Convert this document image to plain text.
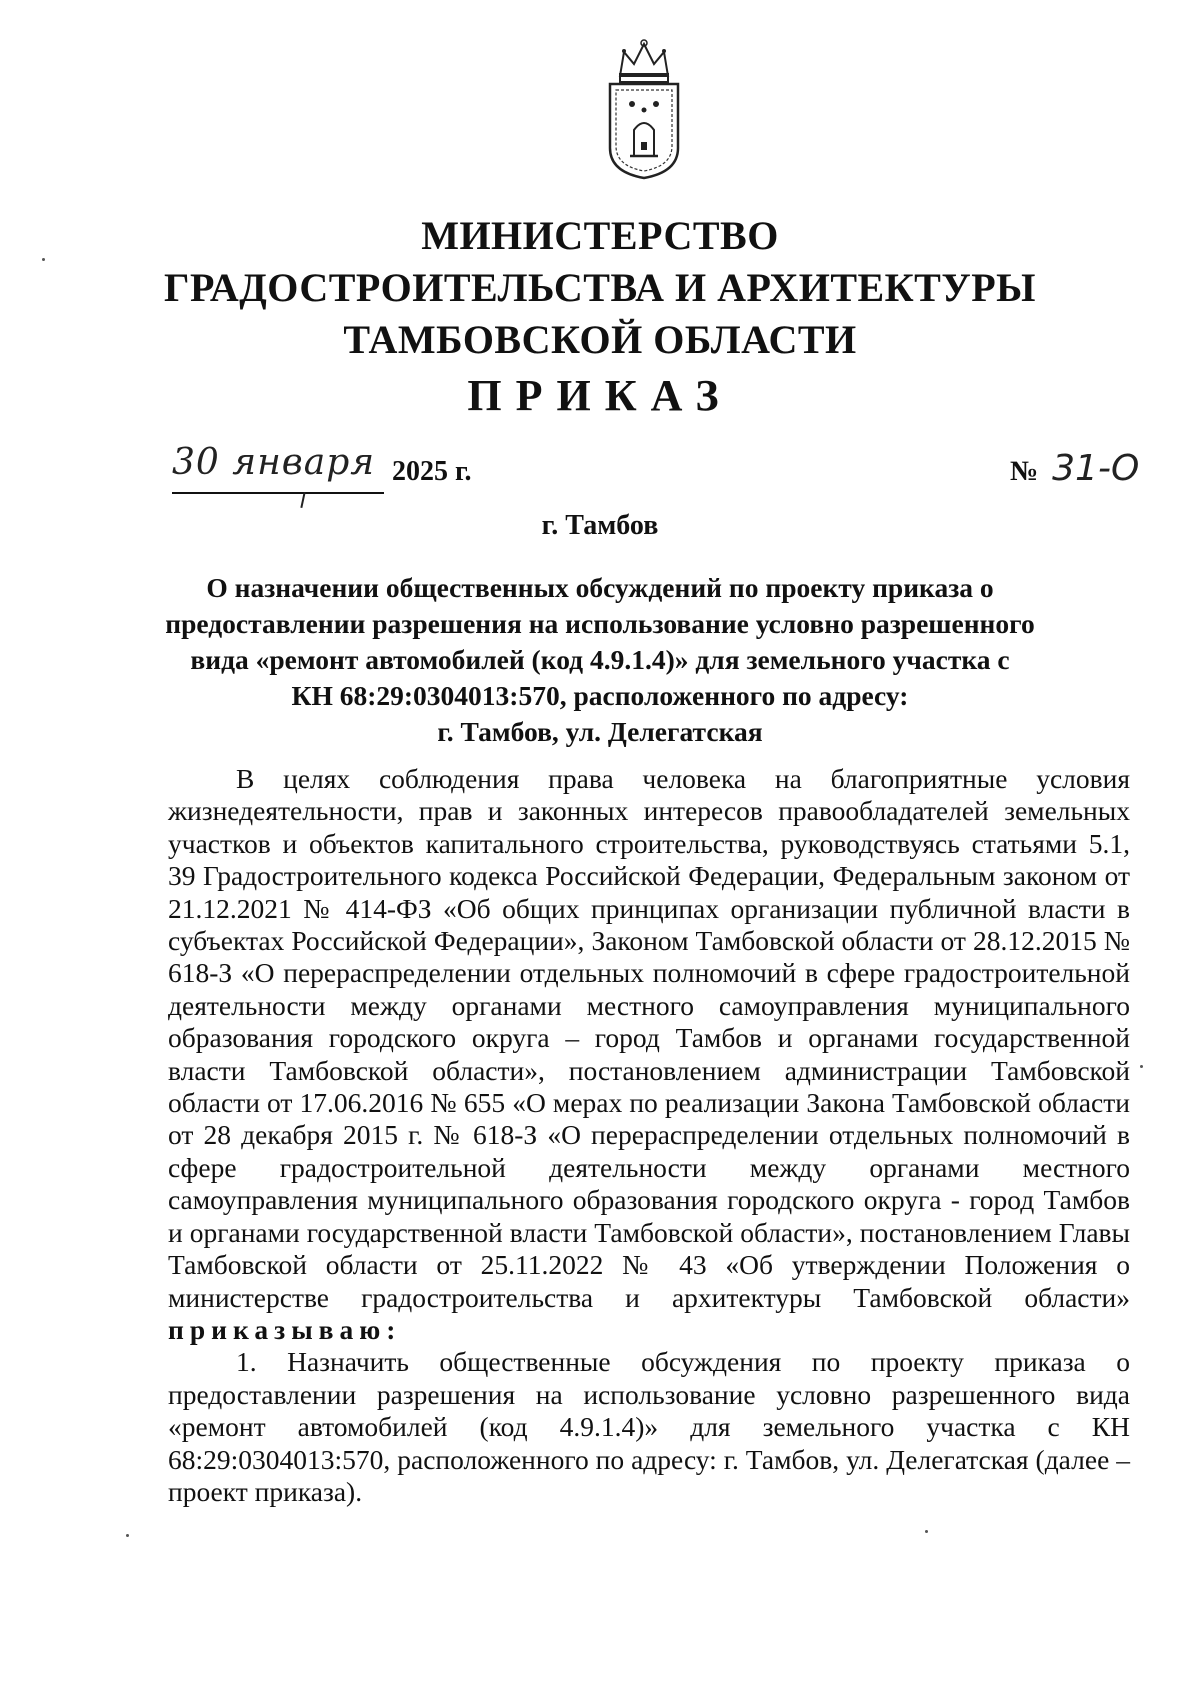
МИНИСТЕРСТВО
ГРАДОСТРОИТЕЛЬСТВА И АРХИТЕКТУРЫ
ТАМБОВСКОЙ ОБЛАСТИ
ПРИКАЗ
30 января 2025 г.	№ 31-О
г. Тамбов
О назначении общественных обсуждений по проекту приказа о
предоставлении разрешения на использование условно разрешенного
вида «ремонт автомобилей (код 4.9.1.4)» для земельного участка с
КН 68:29:0304013:570, расположенного по адресу:
г. Тамбов, ул. Делегатская

В целях соблюдения права человека на благоприятные условия жизнедеятельности, прав и законных интересов правообладателей земельных участков и объектов капитального строительства, руководствуясь статьями 5.1, 39 Градостроительного кодекса Российской Федерации, Федеральным законом от 21.12.2021 № 414-ФЗ «Об общих принципах организации публичной власти в субъектах Российской Федерации», Законом Тамбовской области от 28.12.2015 № 618-З «О перераспределении отдельных полномочий в сфере градостроительной деятельности между органами местного самоуправления муниципального образования городского округа – город Тамбов и органами государственной власти Тамбовской области», постановлением администрации Тамбовской области от 17.06.2016 № 655 «О мерах по реализации Закона Тамбовской области от 28 декабря 2015 г. № 618-З «О перераспределении отдельных полномочий в сфере градостроительной деятельности между органами местного самоуправления муниципального образования городского округа - город Тамбов и органами государственной власти Тамбовской области», постановлением Главы Тамбовской области от 25.11.2022 № 43 «Об утверждении Положения о министерстве градостроительства и архитектуры Тамбовской области» приказываю:

1. Назначить общественные обсуждения по проекту приказа о предоставлении разрешения на использование условно разрешенного вида «ремонт автомобилей (код 4.9.1.4)» для земельного участка с КН 68:29:0304013:570, расположенного по адресу: г. Тамбов, ул. Делегатская (далее – проект приказа).
